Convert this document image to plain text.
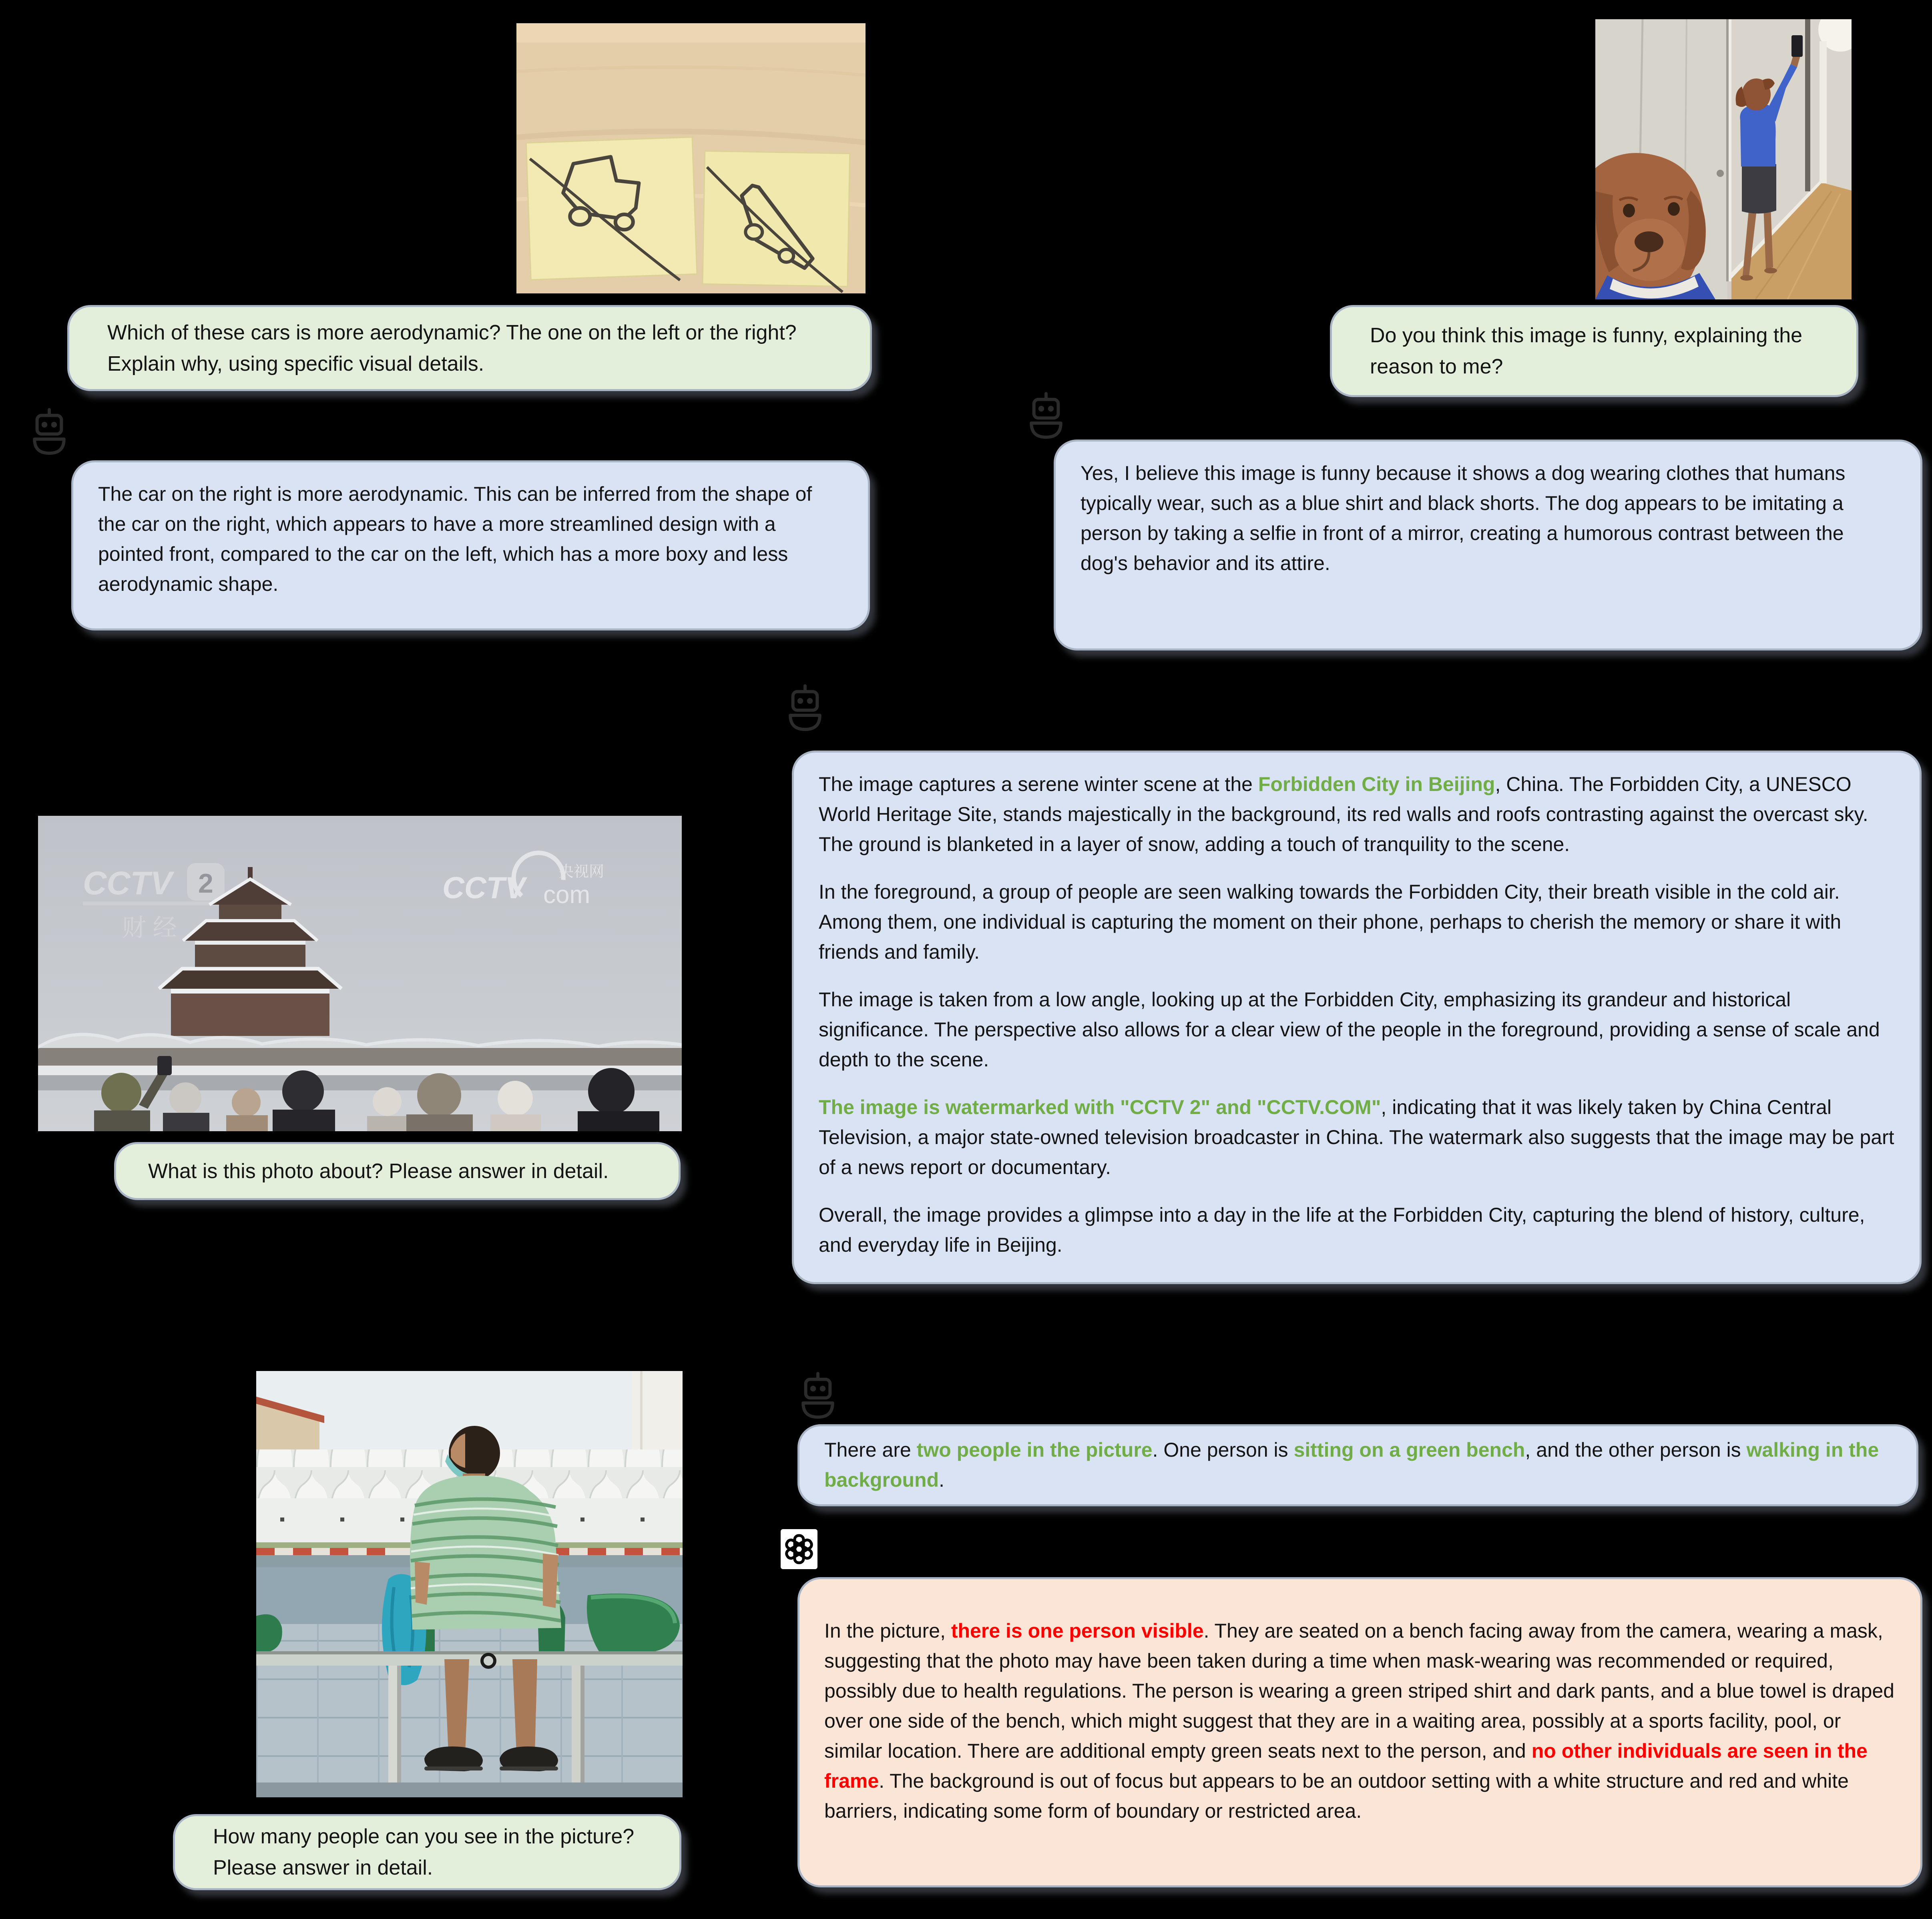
Which of these cars is more aerodynamic? The one on the left or the right? Explain why, using specific visual details.

The car on the right is more aerodynamic. This can be inferred from the shape of the car on the right, which appears to have a more streamlined design with a pointed front, compared to the car on the left, which has a more boxy and less aerodynamic shape.

Do you think this image is funny, explaining the reason to me?

Yes, I believe this image is funny because it shows a dog wearing clothes that humans typically wear, such as a blue shirt and black shorts. The dog appears to be imitating a person by taking a selfie in front of a mirror, creating a humorous contrast between the dog's behavior and its attire.

The image captures a serene winter scene at the Forbidden City in Beijing, China. The Forbidden City, a UNESCO World Heritage Site, stands majestically in the background, its red walls and roofs contrasting against the overcast sky. The ground is blanketed in a layer of snow, adding a touch of tranquility to the scene.

In the foreground, a group of people are seen walking towards the Forbidden City, their breath visible in the cold air. Among them, one individual is capturing the moment on their phone, perhaps to cherish the memory or share it with friends and family.

The image is taken from a low angle, looking up at the Forbidden City, emphasizing its grandeur and historical significance. The perspective also allows for a clear view of the people in the foreground, providing a sense of scale and depth to the scene.

The image is watermarked with "CCTV 2" and "CCTV.COM", indicating that it was likely taken by China Central Television, a major state-owned television broadcaster in China. The watermark also suggests that the image may be part of a news report or documentary.

Overall, the image provides a glimpse into a day in the life at the Forbidden City, capturing the blend of history, culture, and everyday life in Beijing.

CCTV 2
财 经
CCTV com
央视网
What is this photo about? Please answer in detail.

There are two people in the picture. One person is sitting on a green bench, and the other person is walking in the background.

In the picture, there is one person visible. They are seated on a bench facing away from the camera, wearing a mask, suggesting that the photo may have been taken during a time when mask-wearing was recommended or required, possibly due to health regulations. The person is wearing a green striped shirt and dark pants, and a blue towel is draped over one side of the bench, which might suggest that they are in a waiting area, possibly at a sports facility, pool, or similar location. There are additional empty green seats next to the person, and no other individuals are seen in the frame. The background is out of focus but appears to be an outdoor setting with a white structure and red and white barriers, indicating some form of boundary or restricted area.

How many people can you see in the picture? Please answer in detail.
